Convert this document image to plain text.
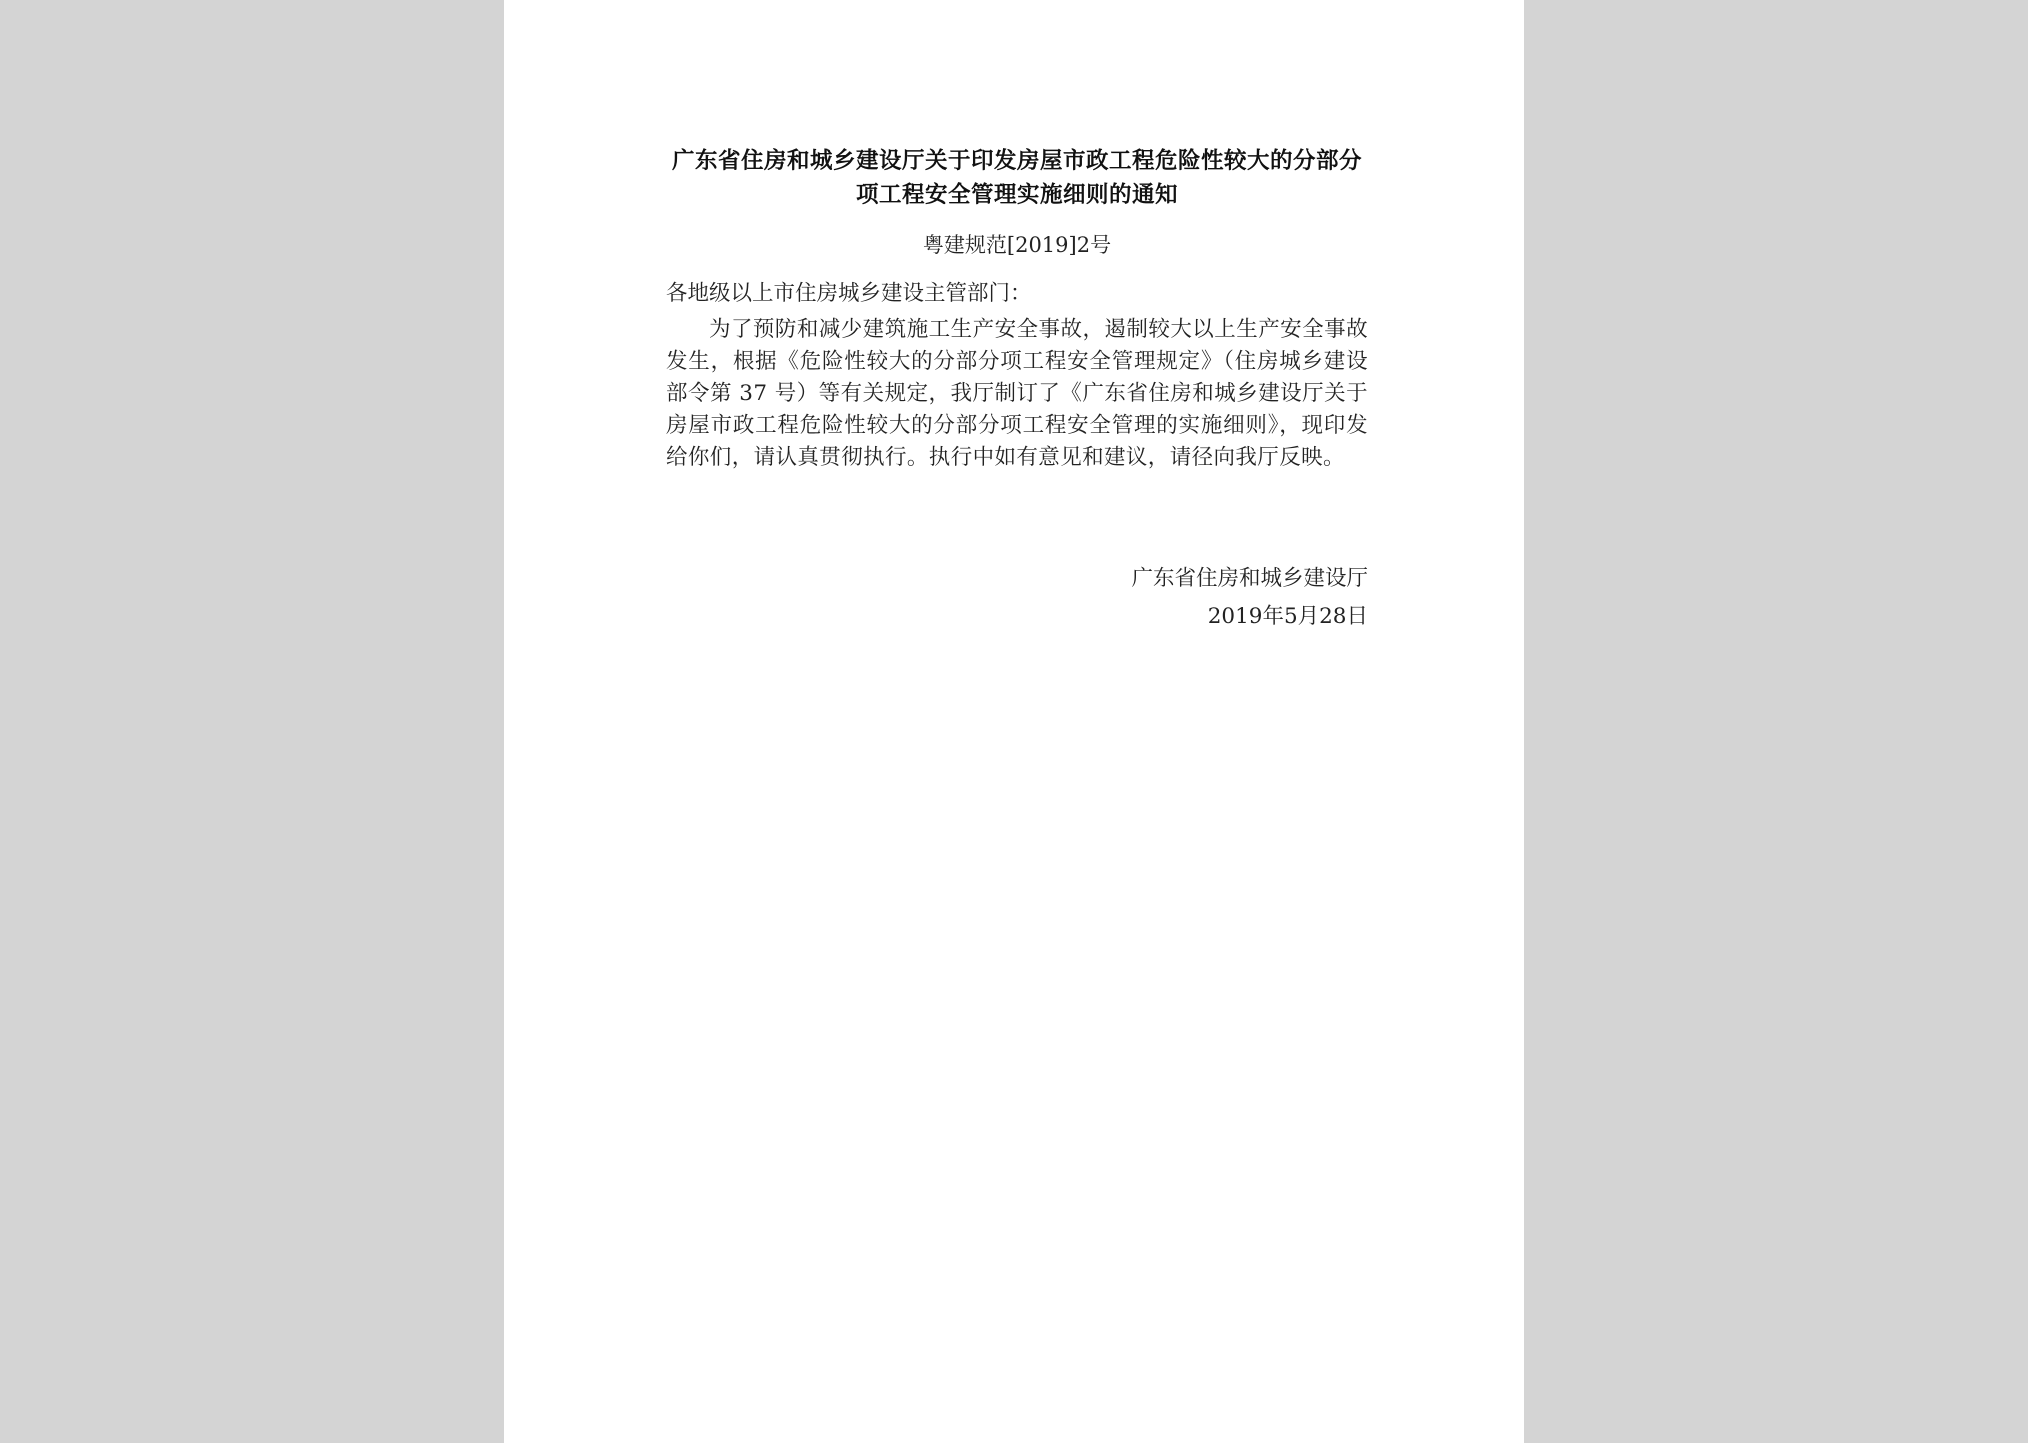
广东省住房和城乡建设厅关于印发房屋市政工程危险性较大的分部分项工程安全管理实施细则的通知
粤建规范[2019]2号
各地级以上市住房城乡建设主管部门：

为了预防和减少建筑施工生产安全事故，遏制较大以上生产安全事故发生，根据《危险性较大的分部分项工程安全管理规定》（住房城乡建设部令第 37 号）等有关规定，我厅制订了《广东省住房和城乡建设厅关于房屋市政工程危险性较大的分部分项工程安全管理的实施细则》，现印发给你们，请认真贯彻执行。执行中如有意见和建议，请径向我厅反映。

广东省住房和城乡建设厅
2019年5月28日
